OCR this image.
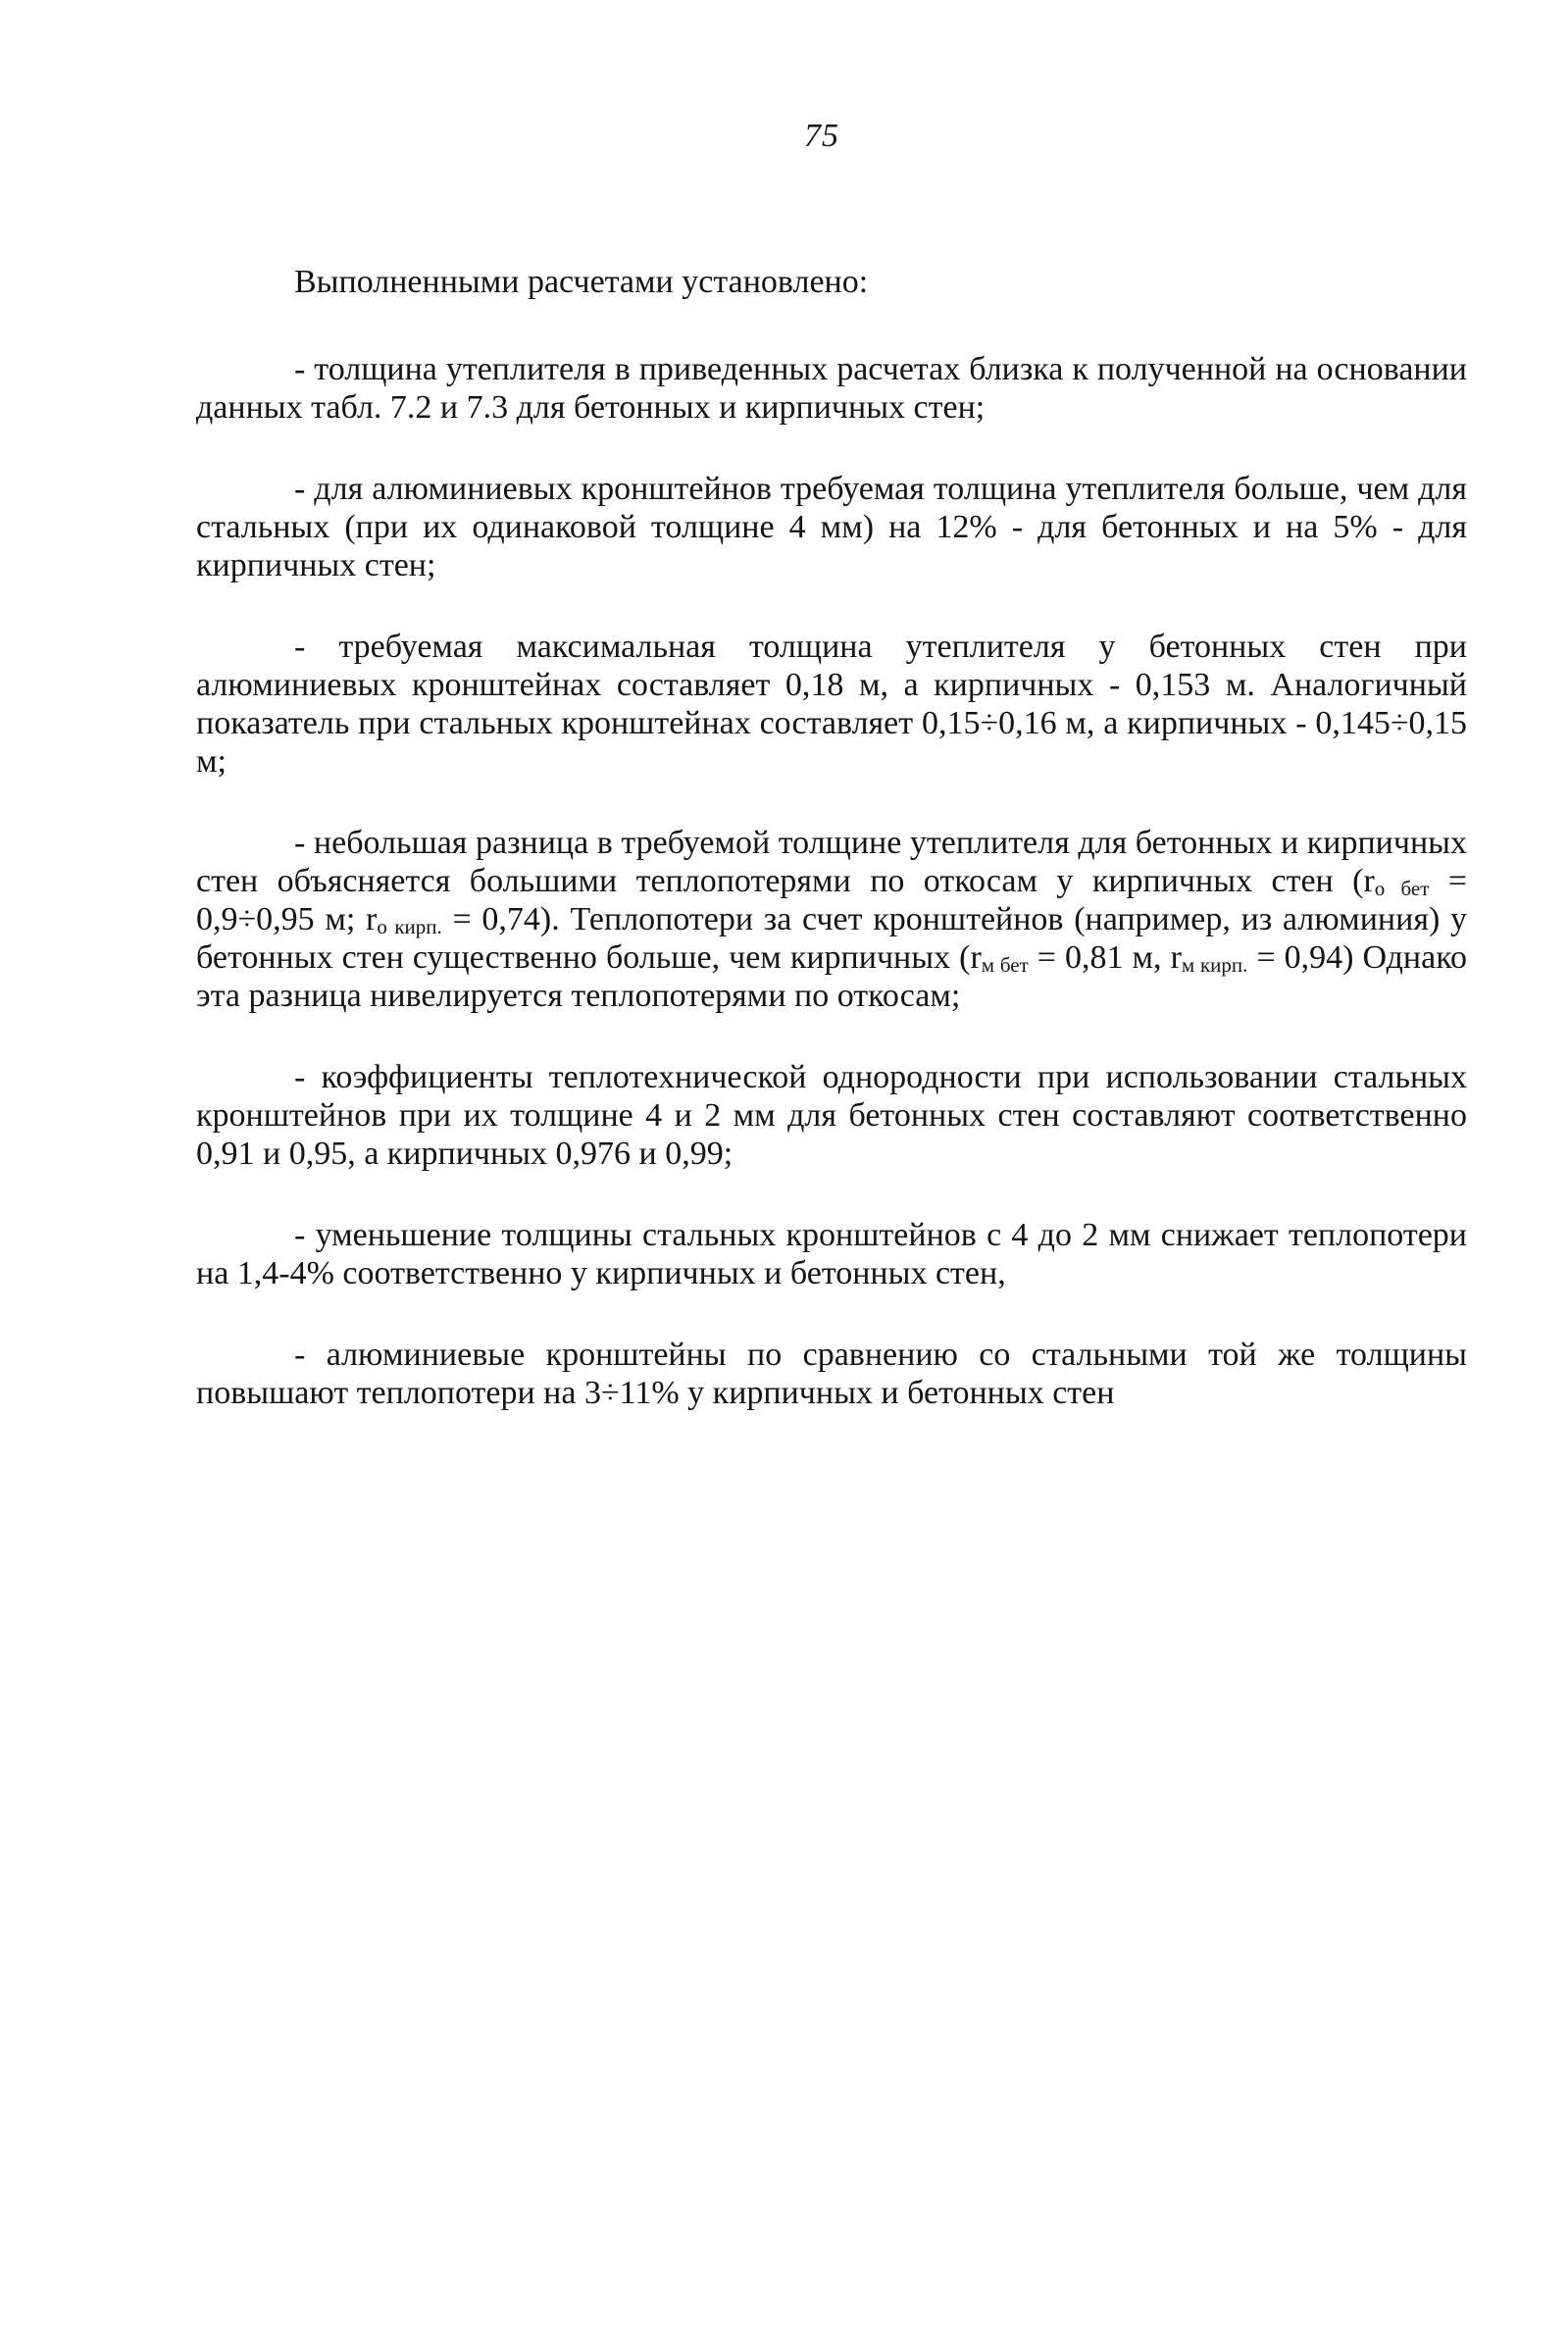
75

Выполненными расчетами установлено:

- толщина утеплителя в приведенных расчетах близка к полученной на основании данных табл. 7.2 и 7.3 для бетонных и кирпичных стен;

- для алюминиевых кронштейнов требуемая толщина утеплителя больше, чем для стальных (при их одинаковой толщине 4 мм) на 12% - для бетонных и на 5% - для кирпичных стен;

- требуемая максимальная толщина утеплителя у бетонных стен при алюминиевых кронштейнах составляет 0,18 м, а кирпичных - 0,153 м. Аналогичный показатель при стальных кронштейнах составляет 0,15÷0,16 м, а кирпичных - 0,145÷0,15 м;

- небольшая разница в требуемой толщине утеплителя для бетонных и кирпичных стен объясняется большими теплопотерями по откосам у кирпичных стен ($r_{о бет} = 0,9\div 0,95$ м; $r_{о кирп.} = 0,74$). Теплопотери за счет кронштейнов (например, из алюминия) у бетонных стен существенно больше, чем кирпичных ($r_{м бет} = 0,81$ м, $r_{м кирп.} = 0,94$) Однако эта разница нивелируется теплопотерями по откосам;

- коэффициенты теплотехнической однородности при использовании стальных кронштейнов при их толщине 4 и 2 мм для бетонных стен составляют соответственно 0,91 и 0,95, а кирпичных 0,976 и 0,99;

- уменьшение толщины стальных кронштейнов с 4 до 2 мм снижает теплопотери на 1,4-4% соответственно у кирпичных и бетонных стен,

- алюминиевые кронштейны по сравнению со стальными той же толщины повышают теплопотери на 3÷11% у кирпичных и бетонных стен
